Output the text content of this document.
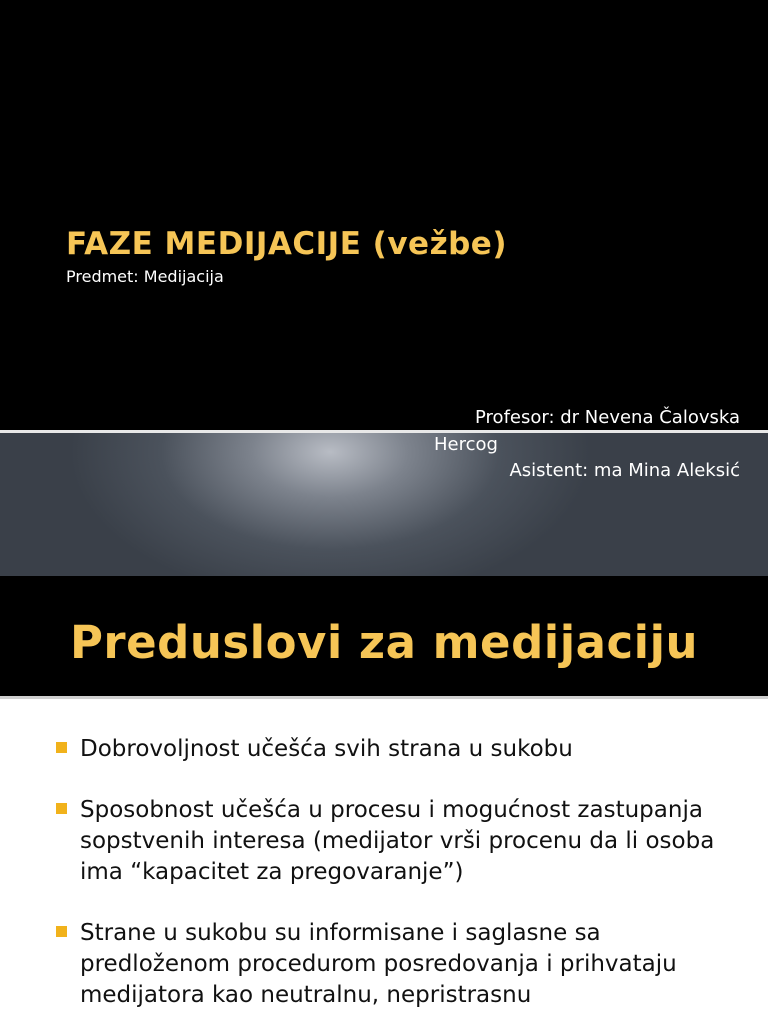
FAZE MEDIJACIJE (vežbe)

Predmet: Medijacija

Profesor: dr Nevena Čalovska

Hercog

Asistent: ma Mina Aleksić

Preduslovi za medijaciju
Dobrovoljnost učešća svih strana u sukobu
Sposobnost učešća u procesu i mogućnost zastupanja sopstvenih interesa (medijator vrši procenu da li osoba ima “kapacitet za pregovaranje”)
Strane u sukobu su informisane i saglasne sa predloženom procedurom posredovanja i prihvataju medijatora kao neutralnu, nepristrasnu
